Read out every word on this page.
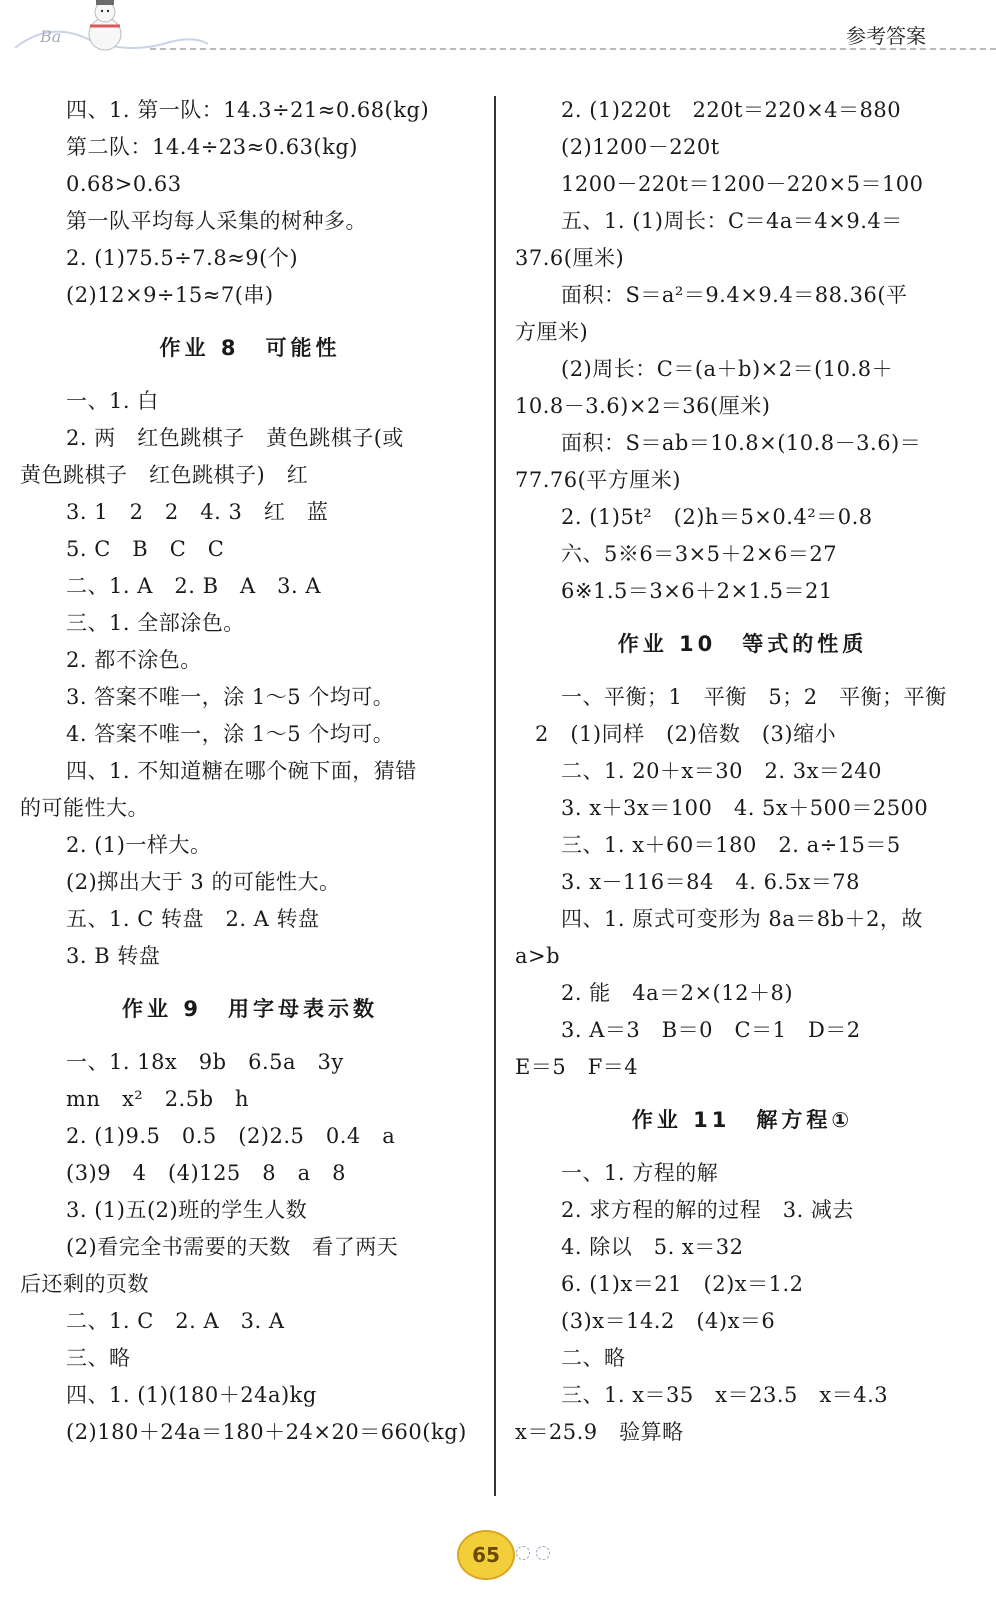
Ba	参考答案
四、1. 第一队：14.3÷21≈0.68(kg)
第二队：14.4÷23≈0.63(kg)
0.68>0.63
第一队平均每人采集的树种多。
2. (1)75.5÷7.8≈9(个)
(2)12×9÷15≈7(串)
作业 8 可能性
一、1. 白
2. 两　红色跳棋子　黄色跳棋子(或
黄色跳棋子　红色跳棋子)　红
3. 1　2　2　4. 3　红　蓝
5. C　B　C　C
二、1. A　2. B　A　3. A
三、1. 全部涂色。
2. 都不涂色。
3. 答案不唯一，涂 1～5 个均可。
4. 答案不唯一，涂 1～5 个均可。
四、1. 不知道糖在哪个碗下面，猜错
的可能性大。
2. (1)一样大。
(2)掷出大于 3 的可能性大。
五、1. C 转盘　2. A 转盘
3. B 转盘
作业 9 用字母表示数
一、1. 18x　9b　6.5a　3y
mn　x²　2.5b　h
2. (1)9.5　0.5　(2)2.5　0.4　a
(3)9　4　(4)125　8　a　8
3. (1)五(2)班的学生人数
(2)看完全书需要的天数　看了两天
后还剩的页数
二、1. C　2. A　3. A
三、略
四、1. (1)(180＋24a)kg
(2)180＋24a＝180＋24×20＝660(kg)
2. (1)220t　220t＝220×4＝880
(2)1200－220t
1200－220t＝1200－220×5＝100
五、1. (1)周长：C＝4a＝4×9.4＝
37.6(厘米)
面积：S＝a²＝9.4×9.4＝88.36(平
方厘米)
(2)周长：C＝(a＋b)×2＝(10.8＋
10.8－3.6)×2＝36(厘米)
面积：S＝ab＝10.8×(10.8－3.6)＝
77.76(平方厘米)
2. (1)5t²　(2)h＝5×0.4²＝0.8
六、5※6＝3×5＋2×6＝27
6※1.5＝3×6＋2×1.5＝21
作业 10 等式的性质
一、平衡；1　平衡　5；2　平衡；平衡
2　(1)同样　(2)倍数　(3)缩小
二、1. 20＋x＝30　2. 3x＝240
3. x＋3x＝100　4. 5x＋500＝2500
三、1. x＋60＝180　2. a÷15＝5
3. x－116＝84　4. 6.5x＝78
四、1. 原式可变形为 8a＝8b＋2，故
a>b
2. 能　4a＝2×(12＋8)
3. A＝3　B＝0　C＝1　D＝2
E＝5　F＝4
作业 11 解方程①
一、1. 方程的解
2. 求方程的解的过程　3. 减去
4. 除以　5. x＝32
6. (1)x＝21　(2)x＝1.2
(3)x＝14.2　(4)x＝6
二、略
三、1. x＝35　x＝23.5　x＝4.3
x＝25.9　验算略
65
